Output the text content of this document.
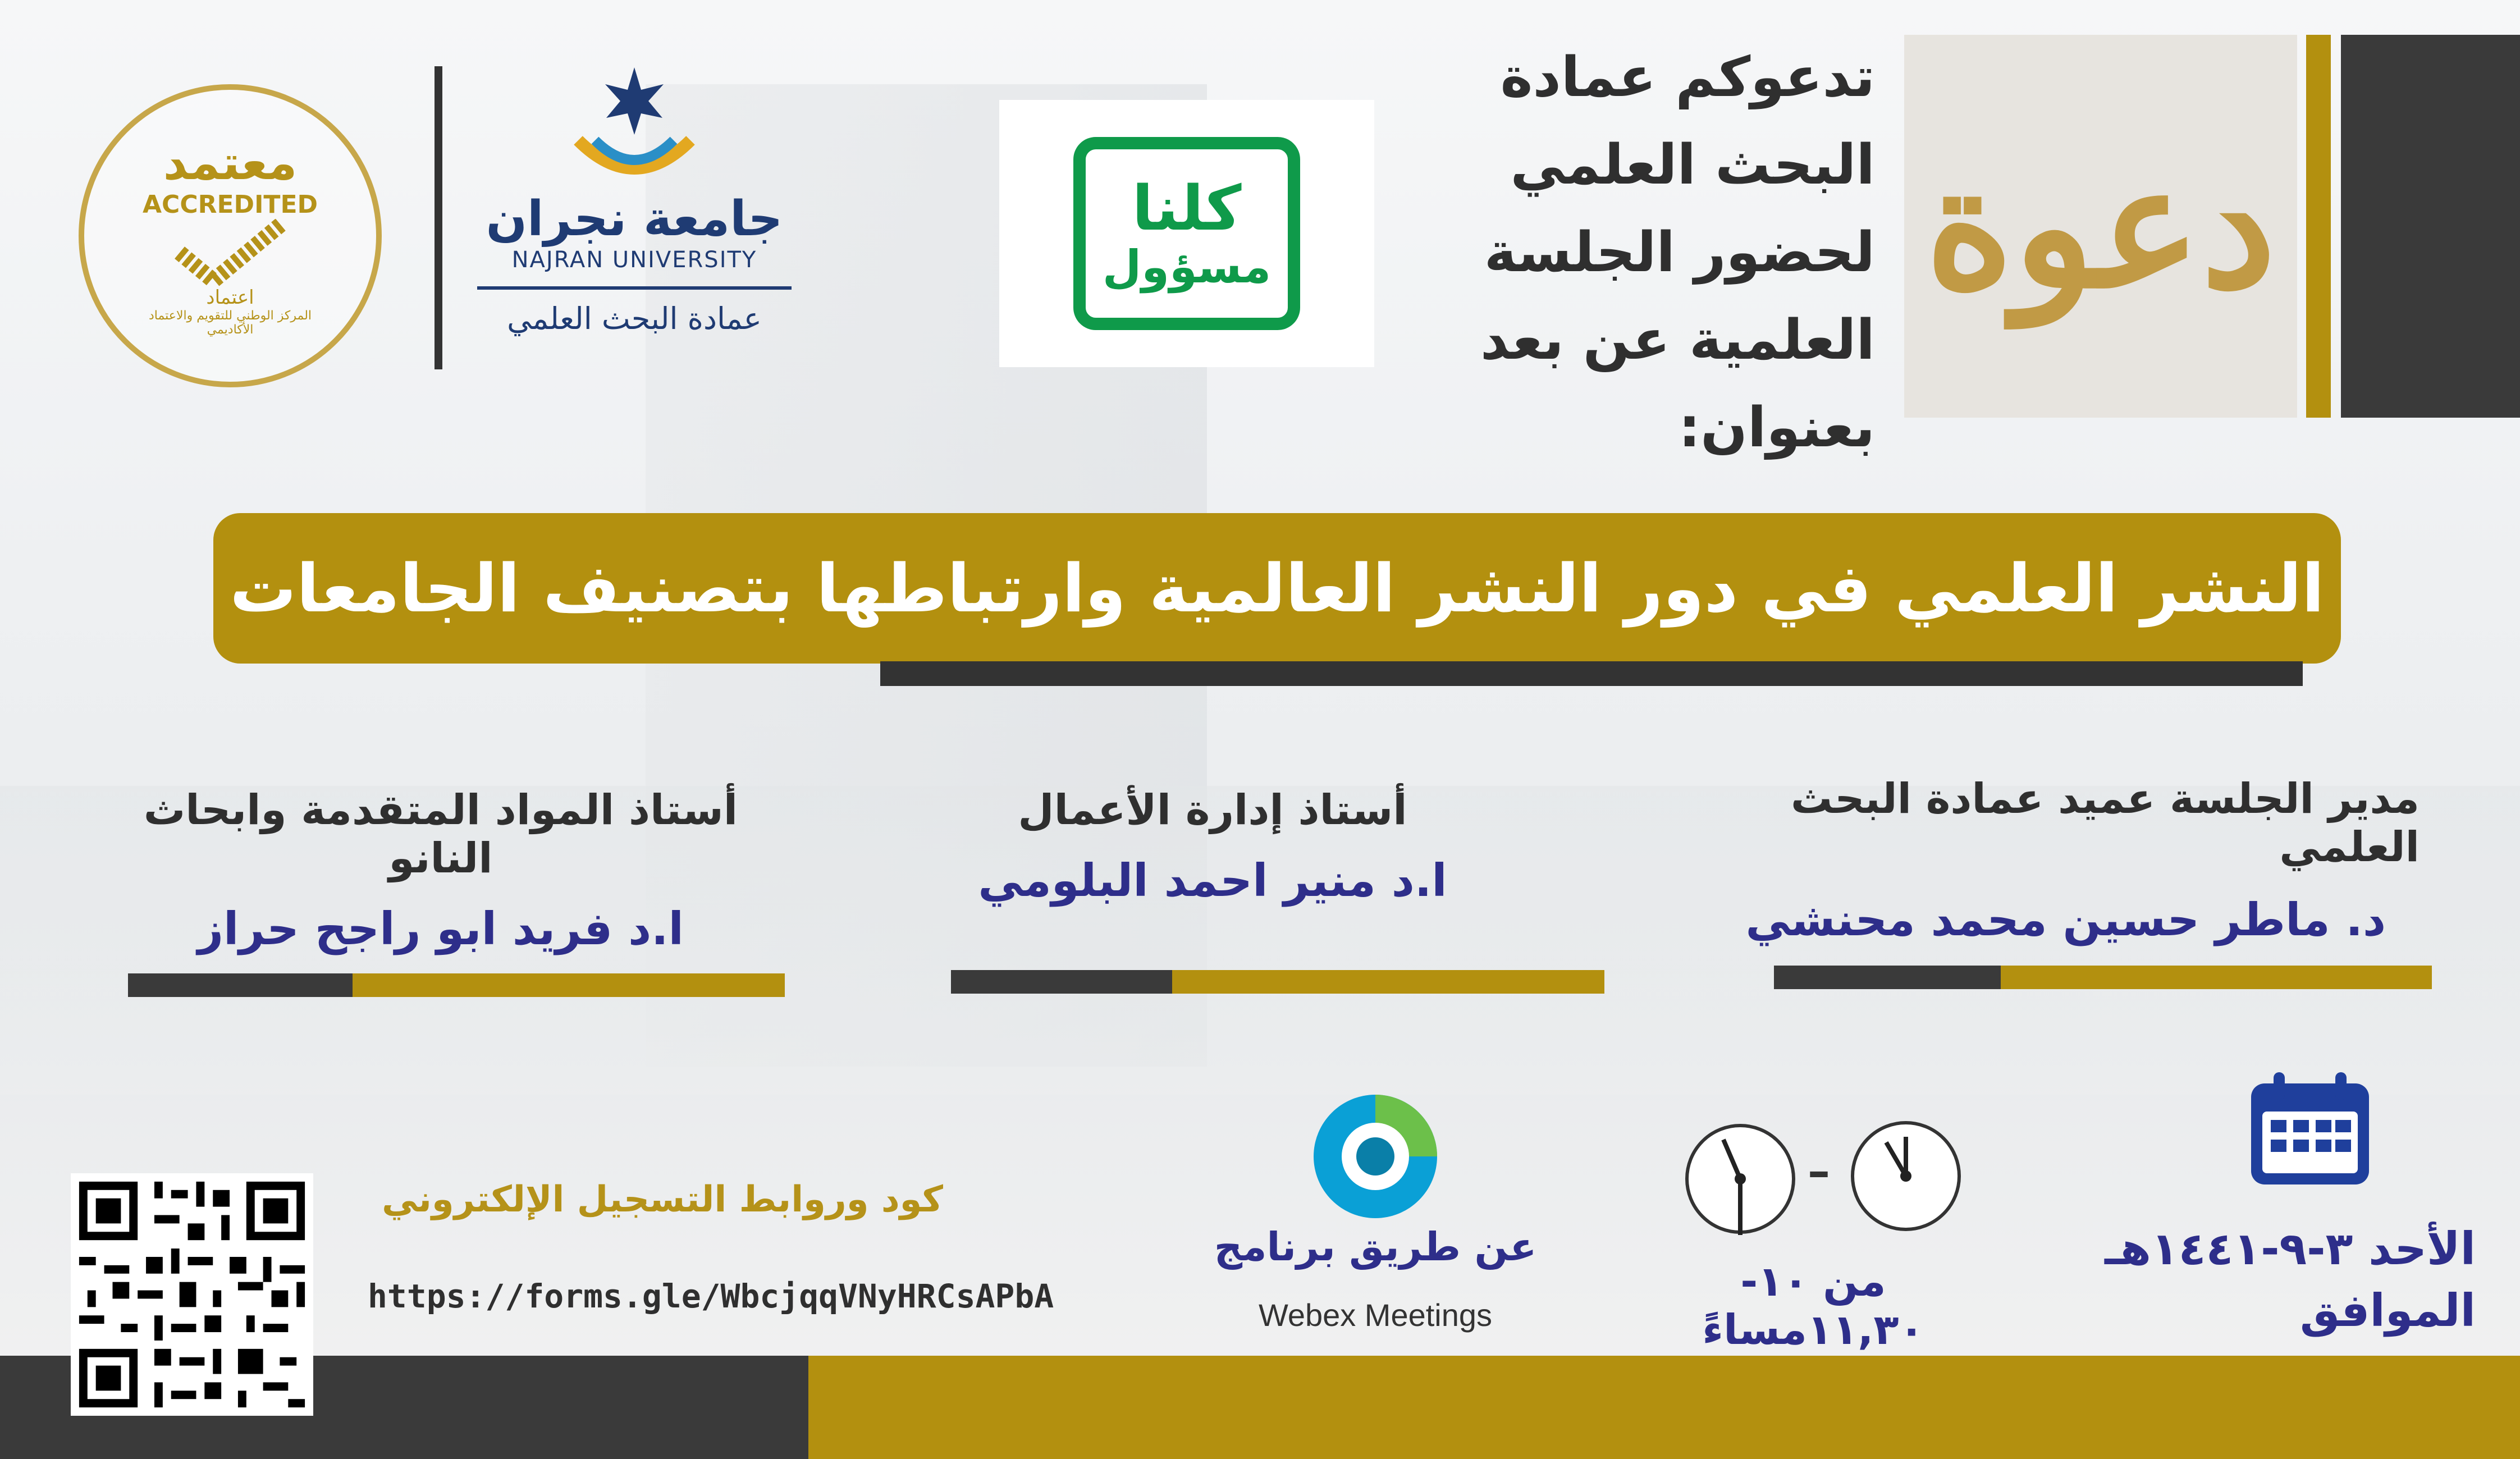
دعوة
تدعوكم عمادة
البحث العلمي
لحضور الجلسة
العلمية عن بعد
بعنوان:
كلنا
مسؤول
جامعة نجران
NAJRAN UNIVERSITY
عمادة البحث العلمي
معتمد
ACCREDITED
اعتماد
المركز الوطني للتقويم والاعتماد الأكاديمي
النشر العلمي في دور النشر العالمية وارتباطها بتصنيف الجامعات
مدير الجلسة عميد عمادة البحث العلمي
د. ماطر حسين محمد محنشي
أستاذ إدارة الأعمال
ا.د منير احمد البلومي
أستاذ المواد المتقدمة وابحاث النانو
ا.د فريد ابو راجح حراز
الأحد ٣-٩-١٤٤١هـ
الموافق
–
من ١٠- ١١,٣٠مساءً
عن طريق برنامج
Webex Meetings
كود وروابط التسجيل الإلكتروني
https://forms.gle/WbcjqqVNyHRCsAPbA
